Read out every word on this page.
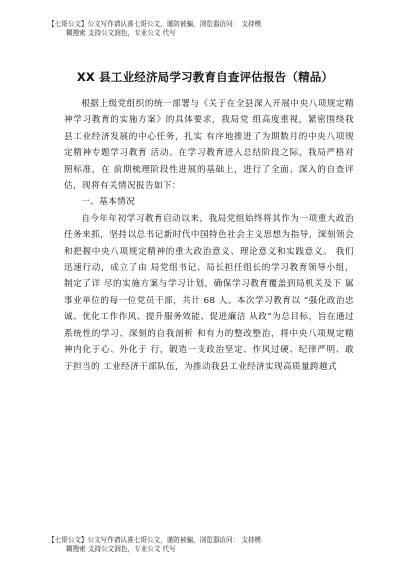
【七哥公文】公文写作请认准七哥公文，谨防被骗，浏览器访问： 支持模
糊搜索 支持公文润色，专业公文 代写
XX 县工业经济局学习教育自查评估报告（精品）

根据上级党组织的统一部署与《关于在全县深入开展中央八项规定精神学习教育的实施方案》的具体要求，我局党 组高度重视，紧密围绕我县工业经济发展的中心任务，扎实 有序地推进了为期数月的中央八项规定精神专题学习教育 活动。在学习教育进入总结阶段之际，我局严格对照标准，在 前期梳理阶段性进展的基础上，进行了全面、深入的自查评 估，现将有关情况报告如下：

一、基本情况

自今年年初学习教育启动以来，我局党组始终将其作为一项重大政治任务来抓，坚持以总书记新时代中国特色社会主义思想为指导，深刻领会和把握中央八项规定精神的重大政治意义、理论意义和实践意义。 我们迅速行动，成立了由 局党组书记、局长担任组长的学习教育领导小组，制定了详 尽的实施方案与学习计划，确保学习教育覆盖到局机关及下 属事业单位的每一位党员干部，共计 68 人。本次学习教育以 “强化政治忠诚、优化工作作风、提升服务效能、促进廉洁 从政”为总目标，旨在通过系统性的学习、深刻的自我剖析 和有力的整改整治，将中央八项规定精神内化于心、外化于 行，锻造一支政治坚定、作风过硬、纪律严明、敢于担当的 工业经济干部队伍，为推动我县工业经济实现高质量跨越式

【七哥公文】公文写作请认准七哥公文，谨防被骗，浏览器访问： 支持模
糊搜索 支持公文润色，专业公文 代写
